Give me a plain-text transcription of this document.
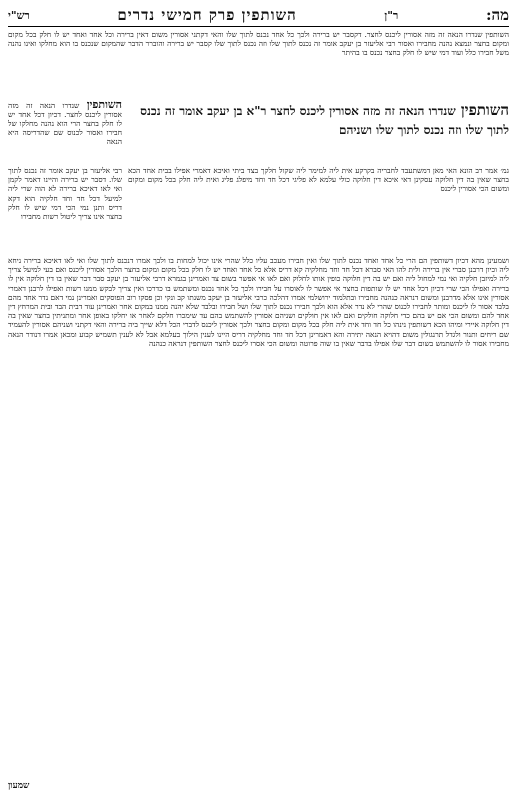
מה:
ר"ן
השותפין פרק חמישי נדרים
רש"י

השותפין שנדרו הנאה זה מזה אסורין ליכנס לחצר. דקסבר יש ברירה ולכך כל אחד נכנס לתוך שלו והאי דקתני אסורין משום דאין ברירה וכל אחד ואחד יש לו חלק בכל מקום ומקום בחצר ונמצא נהנה מחבירו ואסור רבי אליעזר בן יעקב אומר זה נכנס לתוך שלו וזה נכנס לתוך שלו קסבר יש ברירה והוברר הדבר שהמקום שנכנס בו הוא מחלקו ואינו נהנה משל חבירו כלל ועוד דמי שיש לו חלק בחצר נכנס בו בהיתר

השותפין שנדרו הנאה זה מזה אסורין ליכנס לחצר ר"א בן יעקב אומר זה נכנס לתוך שלו וזה נכנס לתוך שלו ושניהם
השותפין שנדרו הנאה זה מזה אסורין ליכנס לחצר. דכיון דכל אחד יש לו חלק בחצר הרי הוא נהנה מחלקו של חבירו ואסור לכנוס שם שהדריסה היא הנאה

רבי אליעזר בן יעקב אומר זה נכנס לתוך שלו. דסבר יש ברירה והיינו דאמר לקמן ואי לאו דאיכא ברירה לא הוה שרי ליה למיעל דכל חד וחד חלקיה הוא דקא דריס ותנן נמי הכי דמי שיש לו חלק בחצר אינו צריך ליטול רשות מחבירו

גמ׳ אמר רב הונא האי מאן דמשתעבד לחבריה בקרקע אית ליה למימר ליה שקול חלקך בצד ביתי ואיכא דאמרי אפילו בבית אחד הכא בחצר שאין בה דין חלוקה עסקינן דאי איכא דין חלוקה כולי עלמא לא פליגי דכל חד וחד מיפלג פליג ואית ליה חלק בכל מקום ומקום ומשום הכי אסורין ליכנס

ושמעינן מהא דכיון דשותפין הם הרי כל אחד ואחד נכנס לתוך שלו ואין חבירו מעכב עליו כלל שהרי אינו יכול למחות בו ולכך אמרו דנכנס לתוך שלו ואי לאו דאיכא ברירה ניחא ליה וכיון דרבנן סברי אין ברירה ולית להו האי סברא דכל חד וחד מחלקיה קא דריס אלא כל אחד ואחד יש לו חלק בכל מקום ומקום בחצר הלכך אסורין ליכנס ואם בעי למיעל צריך ליה למיזבן חלקיה ואי נמי למחול ליה ואם יש בה דין חלוקה כופין אותו לחלוק ואם לאו אי אפשר בשום צד ואמרינן בגמרא דרבי אליעזר בן יעקב סבר דבר שאין בו דין חלוקה אין לו ברירה ואפילו הכי שרי דכיון דכל אחד יש לו שותפות בחצר אי אפשר לו לאוסרו על חבירו ולכך כל אחד נכנס ומשתמש בו כדרכו ואין צריך לבקש ממנו רשות ואפילו לרבנן דאמרי אסורין אינו אלא מדרבנן ומשום דנראה כנהנה מחבירו ובתלמוד ירושלמי אמרו דהלכה כרבי אליעזר בן יעקב משנתו קב ונקי וכן פסקו רוב הפוסקים ואמרינן נמי דאם נדר אחד מהם בלבד אסור לו ליכנס ומותר לחבירו לכנוס שהרי לא נדר אלא הוא ולכך חבירו נכנס לתוך שלו ושל חבירו ובלבד שלא יהנה ממנו במקום אחר ואמרינן עוד דבית הבד ובית המרחץ דין אחד להם ומשום הכי אם יש בהם כדי חלוקה חולקים ואם לאו אין חולקים ושניהם אסורין להשתמש בהם עד שימכרו חלקם לאחר או יחלקו באופן אחר ומתניתין בחצר שאין בה דין חלוקה איירי ומיהו הכא דשותפין נינהו כל חד וחד אית ליה חלק בכל מקום ומקום בחצר ולכך אסורין ליכנס לדברי הכל דלא שייך ביה ברירה והאי דקתני ושניהם אסורין להעמיד שם ריחים ותנור ולגדל תרנגולין משום דהויא הנאה יתירה והא דאמרינן דכל חד וחד מחלקיה דריס היינו לענין הילוך בעלמא אבל לא לענין תשמיש קבוע ומכאן אמרו דנודר הנאה מחבירו אסור לו להשתמש בשום דבר שלו אפילו בדבר שאין בו שוה פרוטה ומשום הכי אסרו ליכנס לחצר השותפין דנראה כנהנה

שמעון
